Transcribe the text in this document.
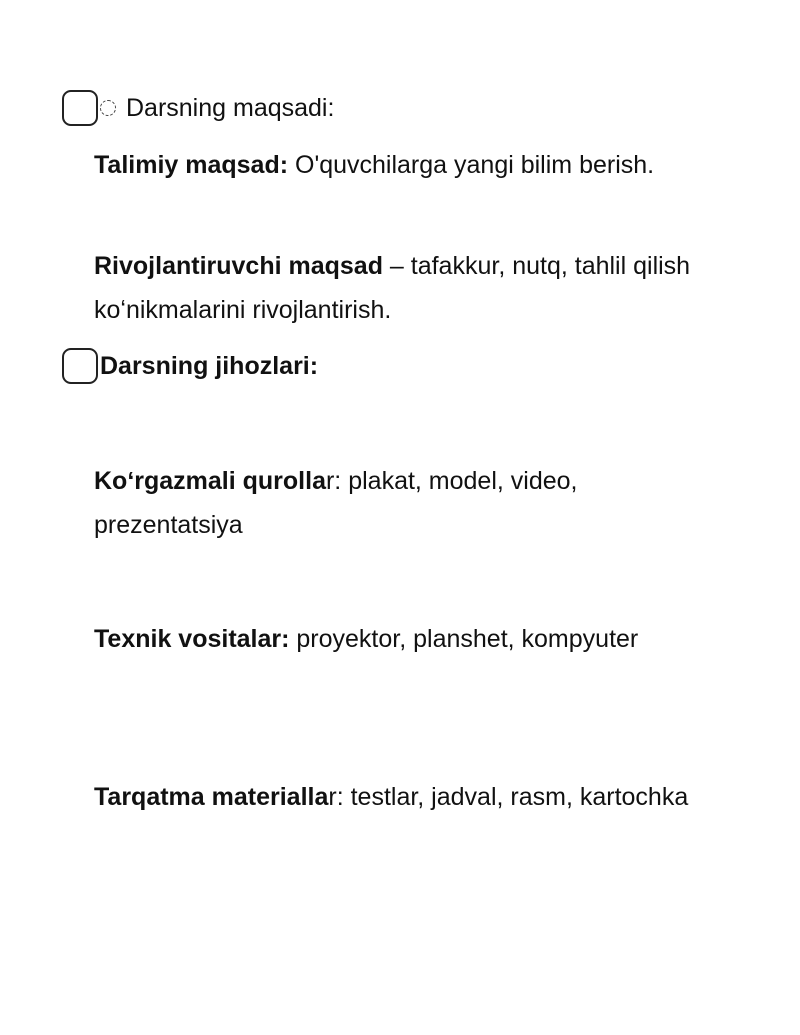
Darsning maqsadi:

Talimiy maqsad: O'quvchilarga yangi bilim berish.

Rivojlantiruvchi maqsad – tafakkur, nutq, tahlil qilish koʻnikmalarini rivojlantirish.

Darsning jihozlari:

Koʻrgazmali qurollar: plakat, model, video, prezentatsiya

Texnik vositalar: proyektor, planshet, kompyuter

Tarqatma materiallar: testlar, jadval, rasm, kartochka
